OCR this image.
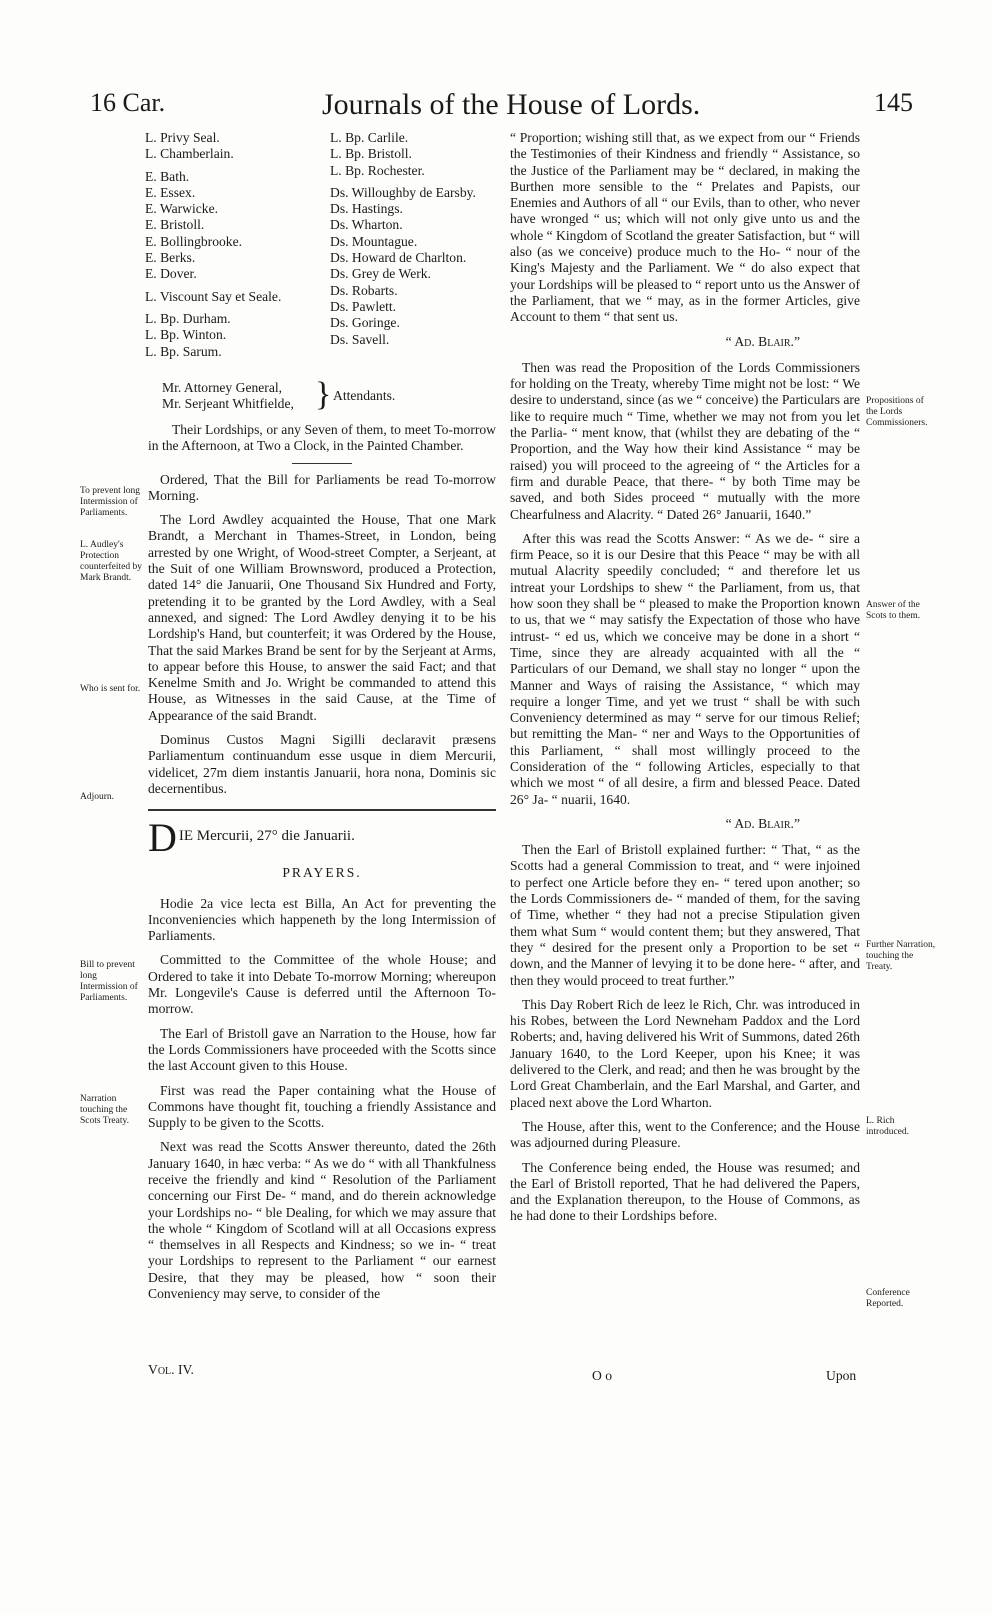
16 Car.	Journals of the House of Lords.	145
L. Privy Seal.
L. Chamberlain.
E. Bath.
E. Essex.
E. Warwicke.
E. Bristoll.
E. Bollingbrooke.
E. Berks.
E. Dover.
L. Viscount Say et Seale.
L. Bp. Durham.
L. Bp. Winton.
L. Bp. Sarum.
L. Bp. Carlile.
L. Bp. Bristoll.
L. Bp. Rochester.
Ds. Willoughby de Earsby.
Ds. Hastings.
Ds. Wharton.
Ds. Mountague.
Ds. Howard de Charlton.
Ds. Grey de Werk.
Ds. Robarts.
Ds. Pawlett.
Ds. Goringe.
Ds. Savell.
Mr. Attorney General,
Mr. Serjeant Whitfielde, } Attendants.

Their Lordships, or any Seven of them, to meet To-morrow in the Afternoon, at Two a Clock, in the Painted Chamber.

Ordered, That the Bill for Parliaments be read To-morrow Morning.

The Lord Awdley acquainted the House, That one Mark Brandt, a Merchant in Thames-Street, in London, being arrested by one Wright, of Wood-street Compter, a Serjeant, at the Suit of one William Brownsword, produced a Protection, dated 14° die Januarii, One Thousand Six Hundred and Forty, pretending it to be granted by the Lord Awdley, with a Seal annexed, and signed: The Lord Awdley denying it to be his Lordship's Hand, but counterfeit; it was Ordered by the House, That the said Markes Brand be sent for by the Serjeant at Arms, to appear before this House, to answer the said Fact; and that Kenelme Smith and Jo. Wright be commanded to attend this House, as Witnesses in the said Cause, at the Time of Appearance of the said Brandt.

Dominus Custos Magni Sigilli declaravit præsens Parliamentum continuandum esse usque in diem Mercurii, videlicet, 27m diem instantis Januarii, hora nona, Dominis sic decernentibus.

D IE Mercurii, 27° die Januarii.
PRAYERS.

Hodie 2a vice lecta est Billa, An Act for preventing the Inconveniencies which happeneth by the long Intermission of Parliaments.

Committed to the Committee of the whole House; and Ordered to take it into Debate To-morrow Morning; whereupon Mr. Longevile's Cause is deferred until the Afternoon To-morrow.

The Earl of Bristoll gave an Narration to the House, how far the Lords Commissioners have proceeded with the Scotts since the last Account given to this House.

First was read the Paper containing what the House of Commons have thought fit, touching a friendly Assistance and Supply to be given to the Scotts.

Next was read the Scotts Answer thereunto, dated the 26th January 1640, in hæc verba: “ As we do “ with all Thankfulness receive the friendly and kind “ Resolution of the Parliament concerning our First De- “ mand, and do therein acknowledge your Lordships no- “ ble Dealing, for which we may assure that the whole “ Kingdom of Scotland will at all Occasions express “ themselves in all Respects and Kindness; so we in- “ treat your Lordships to represent to the Parliament “ our earnest Desire, that they may be pleased, how “ soon their Conveniency may serve, to consider of the

To prevent long Intermission of Parliaments.
L. Audley's Protection counterfeited by Mark Brandt.
Who is sent for.
Adjourn.
Bill to prevent long Intermission of Parliaments.
Narration touching the Scots Treaty.

“ Proportion; wishing still that, as we expect from our “ Friends the Testimonies of their Kindness and friendly “ Assistance, so the Justice of the Parliament may be “ declared, in making the Burthen more sensible to the “ Prelates and Papists, our Enemies and Authors of all “ our Evils, than to other, who never have wronged “ us; which will not only give unto us and the whole “ Kingdom of Scotland the greater Satisfaction, but “ will also (as we conceive) produce much to the Ho- “ nour of the King's Majesty and the Parliament. We “ do also expect that your Lordships will be pleased to “ report unto us the Answer of the Parliament, that we “ may, as in the former Articles, give Account to them “ that sent us.

“ Ad. Blair.”

Then was read the Proposition of the Lords Commissioners for holding on the Treaty, whereby Time might not be lost: “ We desire to understand, since (as we “ conceive) the Particulars are like to require much “ Time, whether we may not from you let the Parlia- “ ment know, that (whilst they are debating of the “ Proportion, and the Way how their kind Assistance “ may be raised) you will proceed to the agreeing of “ the Articles for a firm and durable Peace, that there- “ by both Time may be saved, and both Sides proceed “ mutually with the more Chearfulness and Alacrity. “ Dated 26° Januarii, 1640.”

After this was read the Scotts Answer: “ As we de- “ sire a firm Peace, so it is our Desire that this Peace “ may be with all mutual Alacrity speedily concluded; “ and therefore let us intreat your Lordships to shew “ the Parliament, from us, that how soon they shall be “ pleased to make the Proportion known to us, that we “ may satisfy the Expectation of those who have intrust- “ ed us, which we conceive may be done in a short “ Time, since they are already acquainted with all the “ Particulars of our Demand, we shall stay no longer “ upon the Manner and Ways of raising the Assistance, “ which may require a longer Time, and yet we trust “ shall be with such Conveniency determined as may “ serve for our timous Relief; but remitting the Man- “ ner and Ways to the Opportunities of this Parliament, “ shall most willingly proceed to the Consideration of the “ following Articles, especially to that which we most “ of all desire, a firm and blessed Peace. Dated 26° Ja- “ nuarii, 1640.

“ Ad. Blair.”

Then the Earl of Bristoll explained further: “ That, “ as the Scotts had a general Commission to treat, and “ were injoined to perfect one Article before they en- “ tered upon another; so the Lords Commissioners de- “ manded of them, for the saving of Time, whether “ they had not a precise Stipulation given them what Sum “ would content them; but they answered, That they “ desired for the present only a Proportion to be set “ down, and the Manner of levying it to be done here- “ after, and then they would proceed to treat further.”

This Day Robert Rich de leez le Rich, Chr. was introduced in his Robes, between the Lord Newneham Paddox and the Lord Roberts; and, having delivered his Writ of Summons, dated 26th January 1640, to the Lord Keeper, upon his Knee; it was delivered to the Clerk, and read; and then he was brought by the Lord Great Chamberlain, and the Earl Marshal, and Garter, and placed next above the Lord Wharton.

The House, after this, went to the Conference; and the House was adjourned during Pleasure.

The Conference being ended, the House was resumed; and the Earl of Bristoll reported, That he had delivered the Papers, and the Explanation thereupon, to the House of Commons, as he had done to their Lordships before.

Propositions of the Lords Commissioners.
Answer of the Scots to them.
Further Narration, touching the Treaty.
L. Rich introduced.
Conference Reported.
Vol. IV.	O o	Upon
